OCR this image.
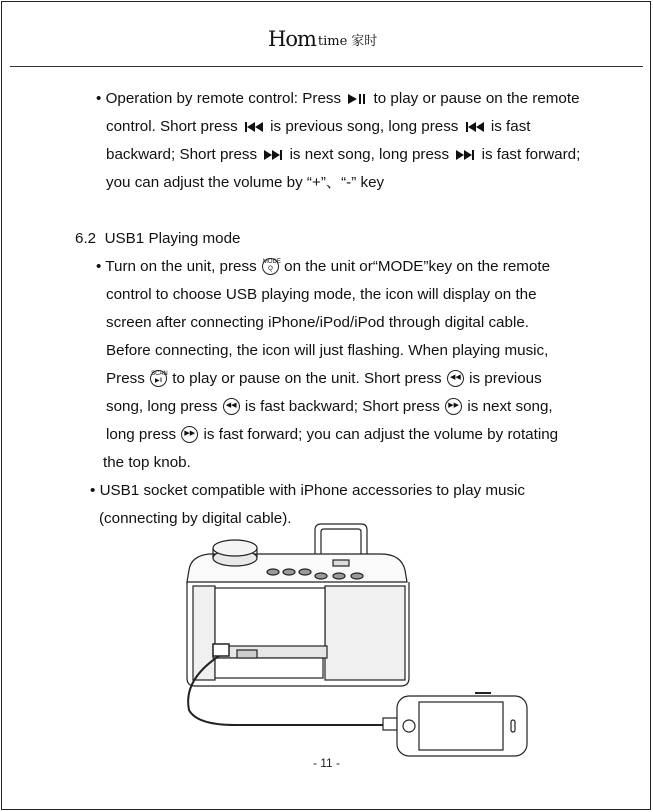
Hᴏm time 家时
• Operation by remote control: Press
to play or pause on the remote
control. Short press
is previous song, long press
is fast
backward; Short press
is next song, long press
is fast forward;
you can adjust the volume by “+”、“-” key
6.2 USB1 Playing mode
• Turn on the unit, press MODE
Q on the unit or“MODE”key on the remote
control to choose USB playing mode, the icon will display on the
screen after connecting iPhone/iPod/iPod through digital cable.
Before connecting, the icon will just flashing. When playing music,
Press SCAN
▶‖ to play or pause on the unit. Short press	◀◀ is previous
song, long press	◀◀ is fast backward; Short press	▶▶ is next song,
long press	▶▶ is fast forward; you can adjust the volume by rotating
the top knob.
• USB1 socket compatible with iPhone accessories to play music
(connecting by digital cable).
- 11 -
